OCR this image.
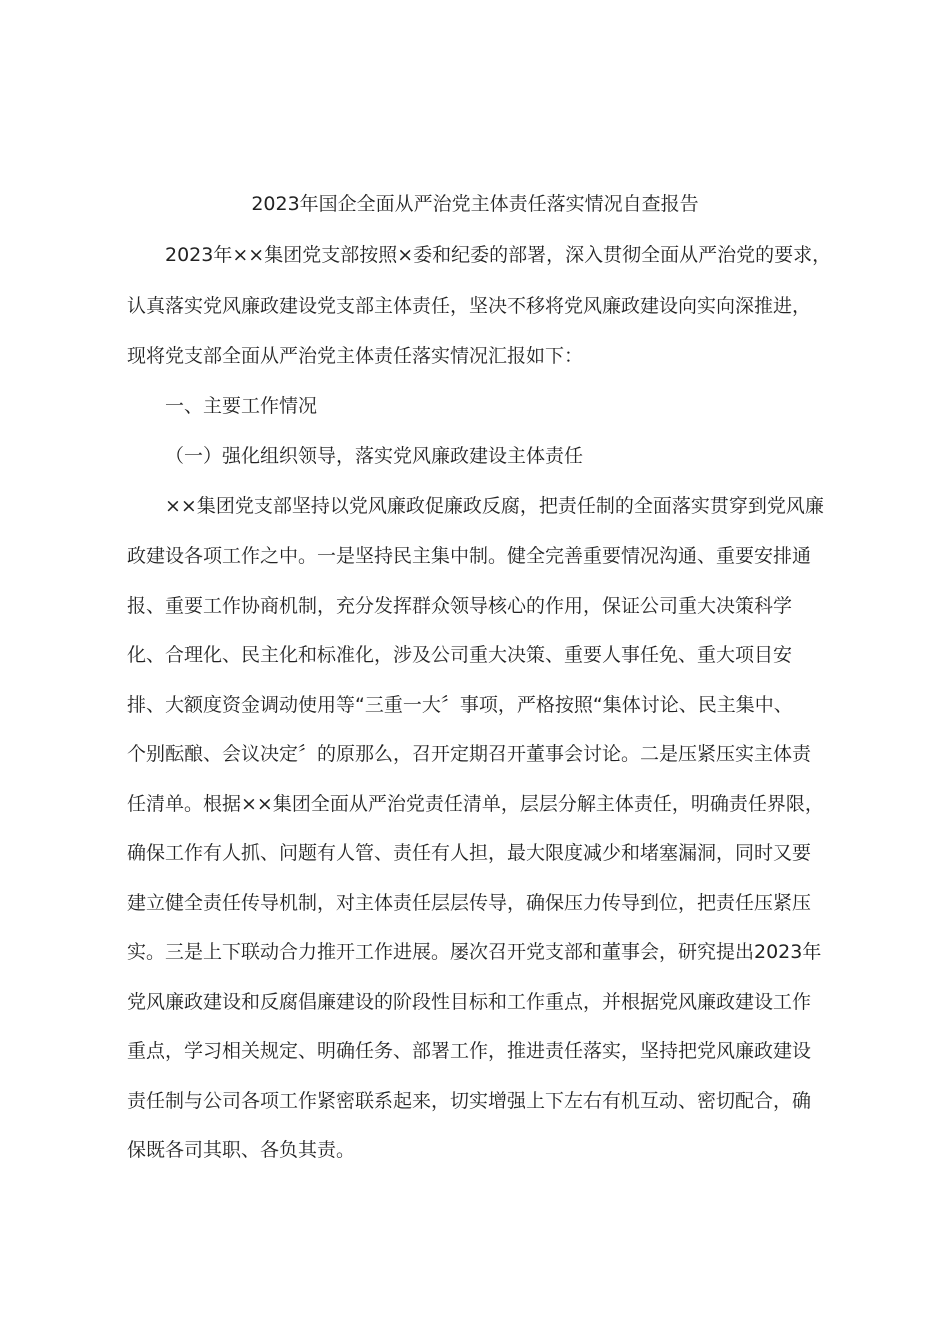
2023年国企全面从严治党主体责任落实情况自查报告
2023年××集团党支部按照×委和纪委的部署，深入贯彻全面从严治党的要求，
认真落实党风廉政建设党支部主体责任，坚决不移将党风廉政建设向实向深推进，
现将党支部全面从严治党主体责任落实情况汇报如下：
一、主要工作情况
（一）强化组织领导，落实党风廉政建设主体责任
××集团党支部坚持以党风廉政促廉政反腐，把责任制的全面落实贯穿到党风廉
政建设各项工作之中。一是坚持民主集中制。健全完善重要情况沟通、重要安排通
报、重要工作协商机制，充分发挥群众领导核心的作用，保证公司重大决策科学
化、合理化、民主化和标准化，涉及公司重大决策、重要人事任免、重大项目安
排、大额度资金调动使用等“三重一大〞事项，严格按照“集体讨论、民主集中、
个别酝酿、会议决定〞的原那么，召开定期召开董事会讨论。二是压紧压实主体责
任清单。根据××集团全面从严治党责任清单，层层分解主体责任，明确责任界限，
确保工作有人抓、问题有人管、责任有人担，最大限度减少和堵塞漏洞，同时又要
建立健全责任传导机制，对主体责任层层传导，确保压力传导到位，把责任压紧压
实。三是上下联动合力推开工作进展。屡次召开党支部和董事会，研究提出2023年
党风廉政建设和反腐倡廉建设的阶段性目标和工作重点，并根据党风廉政建设工作
重点，学习相关规定、明确任务、部署工作，推进责任落实，坚持把党风廉政建设
责任制与公司各项工作紧密联系起来，切实增强上下左右有机互动、密切配合，确
保既各司其职、各负其责。
